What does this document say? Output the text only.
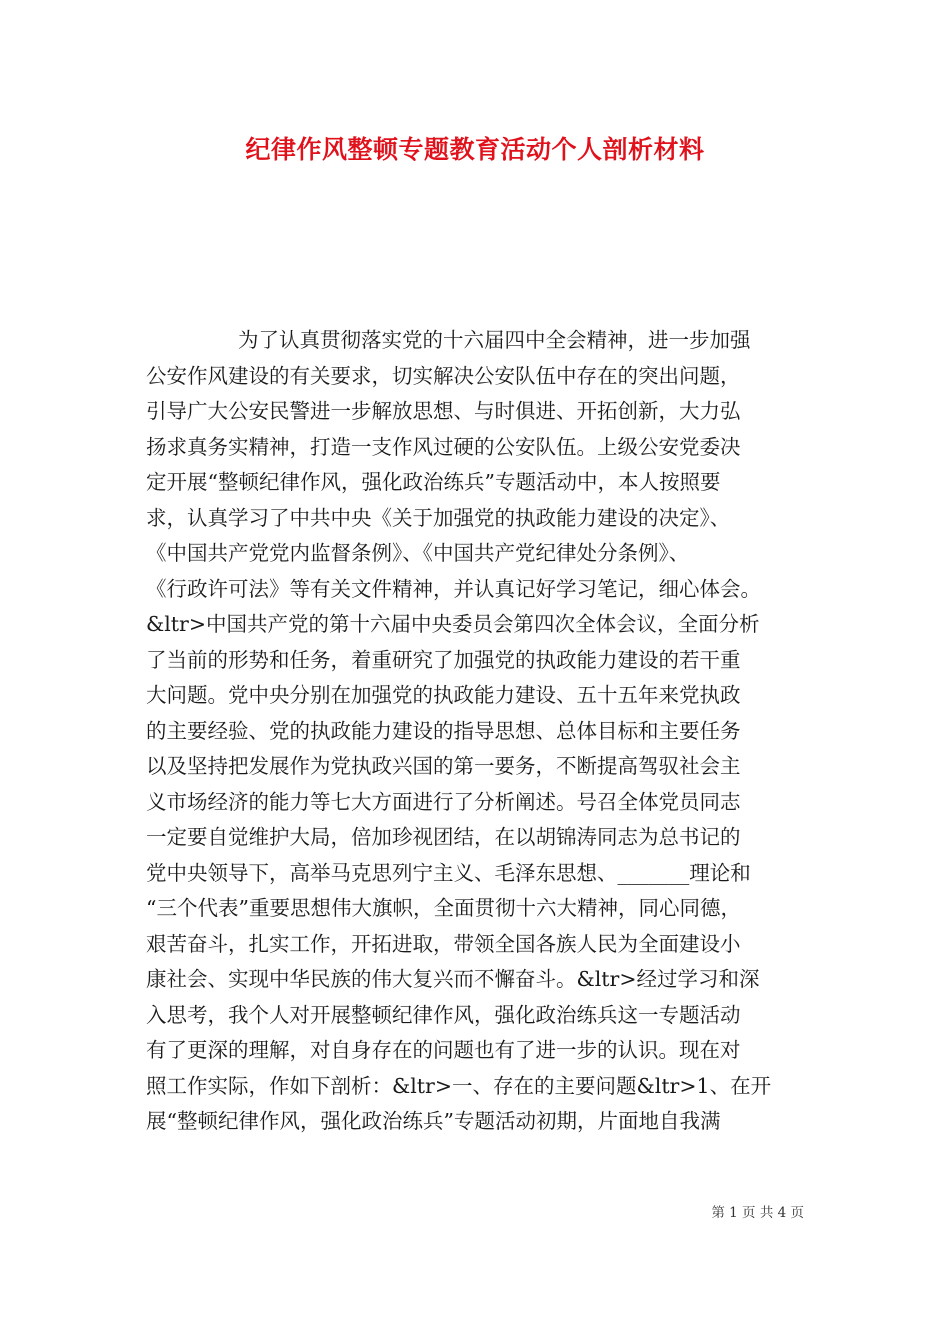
纪律作风整顿专题教育活动个人剖析材料
为了认真贯彻落实党的十六届四中全会精神，进一步加强
公安作风建设的有关要求，切实解决公安队伍中存在的突出问题，
引导广大公安民警进一步解放思想、与时俱进、开拓创新，大力弘
扬求真务实精神，打造一支作风过硬的公安队伍。上级公安党委决
定开展“整顿纪律作风，强化政治练兵”专题活动中，本人按照要
求，认真学习了中共中央《关于加强党的执政能力建设的决定》、
《中国共产党党内监督条例》、《中国共产党纪律处分条例》、
《行政许可法》等有关文件精神，并认真记好学习笔记，细心体会。
&ltr>中国共产党的第十六届中央委员会第四次全体会议，全面分析
了当前的形势和任务，着重研究了加强党的执政能力建设的若干重
大问题。党中央分别在加强党的执政能力建设、五十五年来党执政
的主要经验、党的执政能力建设的指导思想、总体目标和主要任务
以及坚持把发展作为党执政兴国的第一要务，不断提高驾驭社会主
义市场经济的能力等七大方面进行了分析阐述。号召全体党员同志
一定要自觉维护大局，倍加珍视团结，在以胡锦涛同志为总书记的
党中央领导下，高举马克思列宁主义、毛泽东思想、_______理论和
“三个代表”重要思想伟大旗帜，全面贯彻十六大精神，同心同德，
艰苦奋斗，扎实工作，开拓进取，带领全国各族人民为全面建设小
康社会、实现中华民族的伟大复兴而不懈奋斗。&ltr>经过学习和深
入思考，我个人对开展整顿纪律作风，强化政治练兵这一专题活动
有了更深的理解，对自身存在的问题也有了进一步的认识。现在对
照工作实际，作如下剖析：&ltr>一、存在的主要问题&ltr>1、在开
展“整顿纪律作风，强化政治练兵”专题活动初期，片面地自我满
第 1 页 共 4 页
